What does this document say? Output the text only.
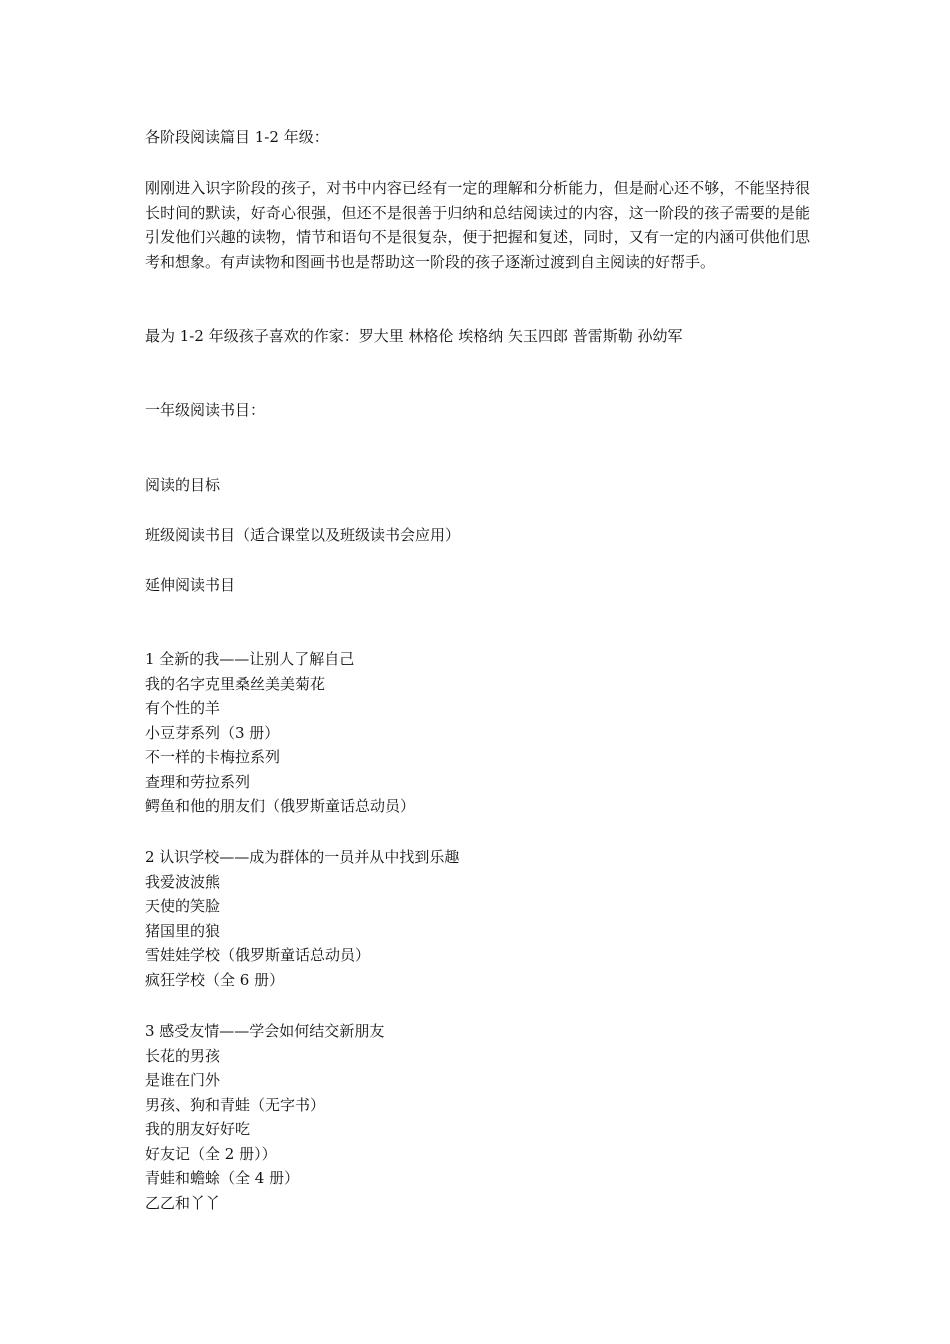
各阶段阅读篇目 1-2 年级：

刚刚进入识字阶段的孩子，对书中内容已经有一定的理解和分析能力，但是耐心还不够，不能坚持很长时间的默读，好奇心很强，但还不是很善于归纳和总结阅读过的内容，这一阶段的孩子需要的是能引发他们兴趣的读物，情节和语句不是很复杂，便于把握和复述，同时，又有一定的内涵可供他们思考和想象。有声读物和图画书也是帮助这一阶段的孩子逐渐过渡到自主阅读的好帮手。

最为 1-2 年级孩子喜欢的作家：罗大里 林格伦 埃格纳 矢玉四郎 普雷斯勒 孙幼军

一年级阅读书目：

阅读的目标

班级阅读书目（适合课堂以及班级读书会应用）

延伸阅读书目

1 全新的我——让别人了解自己

我的名字克里桑丝美美菊花

有个性的羊

小豆芽系列（3 册）

不一样的卡梅拉系列

查理和劳拉系列

鳄鱼和他的朋友们（俄罗斯童话总动员）

2 认识学校——成为群体的一员并从中找到乐趣

我爱波波熊

天使的笑脸

猪国里的狼

雪娃娃学校（俄罗斯童话总动员）

疯狂学校（全 6 册）

3 感受友情——学会如何结交新朋友

长花的男孩

是谁在门外

男孩、狗和青蛙（无字书）

我的朋友好好吃

好友记（全 2 册））

青蛙和蟾蜍（全 4 册）

乙乙和丫丫
